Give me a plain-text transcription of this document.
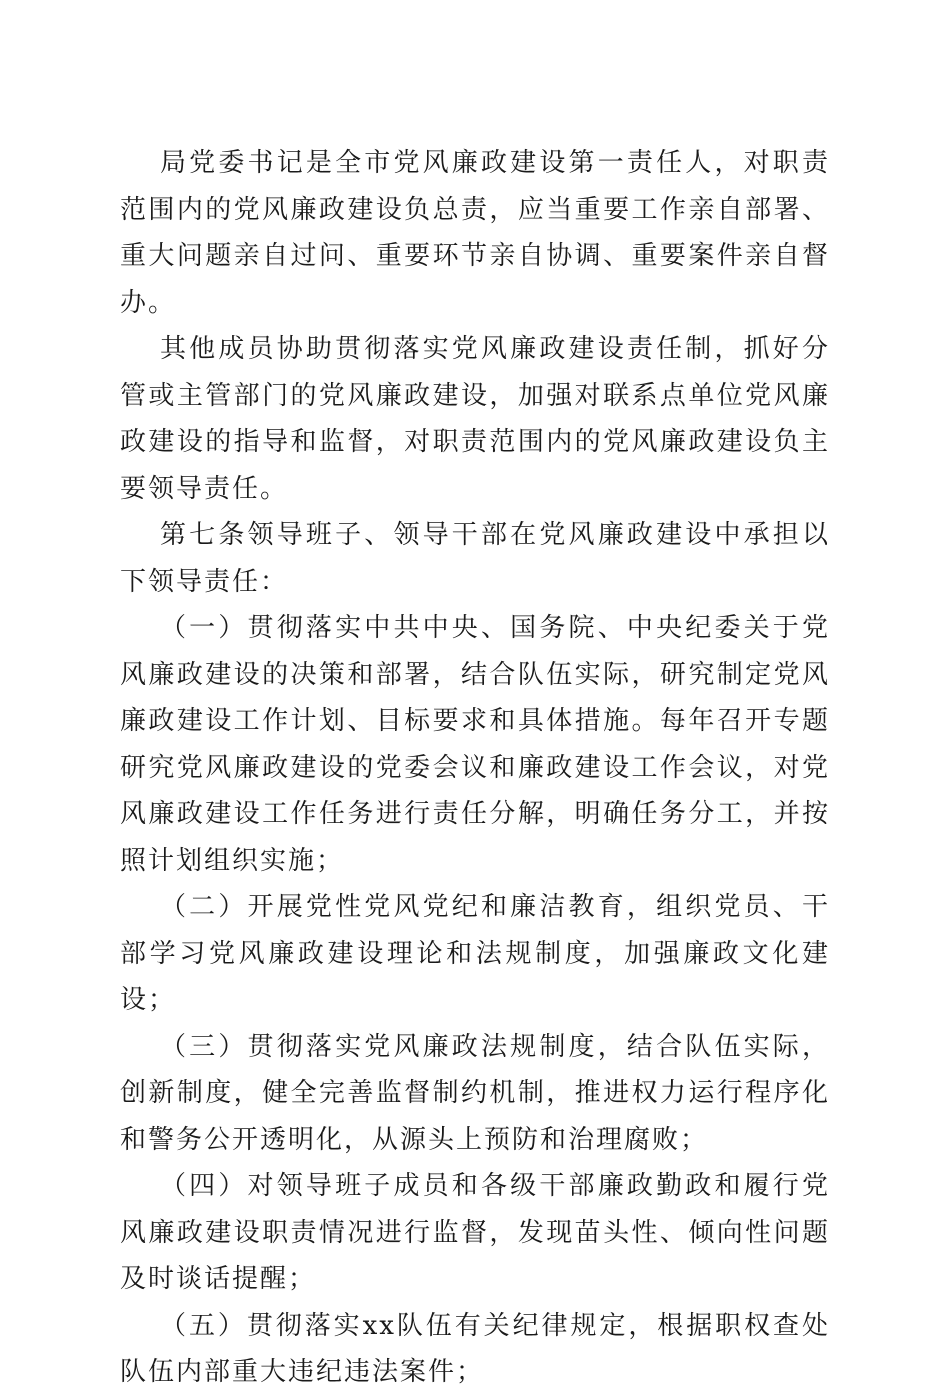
局党委书记是全市党风廉政建设第一责任人，对职责范围内的党风廉政建设负总责，应当重要工作亲自部署、重大问题亲自过问、重要环节亲自协调、重要案件亲自督办。

其他成员协助贯彻落实党风廉政建设责任制，抓好分管或主管部门的党风廉政建设，加强对联系点单位党风廉政建设的指导和监督，对职责范围内的党风廉政建设负主要领导责任。

第七条领导班子、领导干部在党风廉政建设中承担以下领导责任：

（一）贯彻落实中共中央、国务院、中央纪委关于党风廉政建设的决策和部署，结合队伍实际，研究制定党风廉政建设工作计划、目标要求和具体措施。每年召开专题研究党风廉政建设的党委会议和廉政建设工作会议，对党风廉政建设工作任务进行责任分解，明确任务分工，并按照计划组织实施；

（二）开展党性党风党纪和廉洁教育，组织党员、干部学习党风廉政建设理论和法规制度，加强廉政文化建设；

（三）贯彻落实党风廉政法规制度，结合队伍实际，创新制度，健全完善监督制约机制，推进权力运行程序化和警务公开透明化，从源头上预防和治理腐败；

（四）对领导班子成员和各级干部廉政勤政和履行党风廉政建设职责情况进行监督，发现苗头性、倾向性问题及时谈话提醒；

（五）贯彻落实xx队伍有关纪律规定，根据职权查处队伍内部重大违纪违法案件；
